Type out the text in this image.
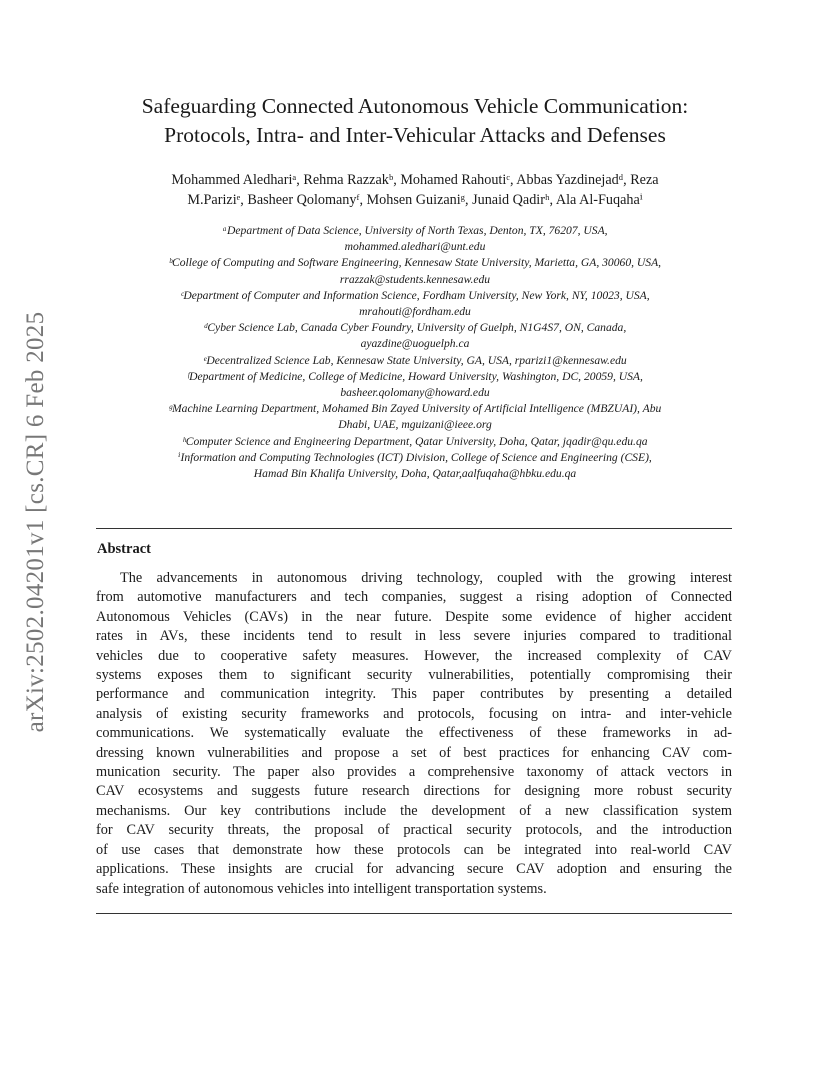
arXiv:2502.04201v1 [cs.CR] 6 Feb 2025
Safeguarding Connected Autonomous Vehicle Communication:
Protocols, Intra- and Inter-Vehicular Attacks and Defenses
Mohammed Aledhariᵃ, Rehma Razzakᵇ, Mohamed Rahoutiᶜ, Abbas Yazdinejadᵈ, Reza
M.Pariziᵉ, Basheer Qolomanyᶠ, Mohsen Guizaniᵍ, Junaid Qadirʰ, Ala Al-Fuqahaⁱ
ᵃDepartment of Data Science, University of North Texas, Denton, TX, 76207, USA,
mohammed.aledhari@unt.edu
ᵇCollege of Computing and Software Engineering, Kennesaw State University, Marietta, GA, 30060, USA,
rrazzak@students.kennesaw.edu
ᶜDepartment of Computer and Information Science, Fordham University, New York, NY, 10023, USA,
mrahouti@fordham.edu
ᵈCyber Science Lab, Canada Cyber Foundry, University of Guelph, N1G4S7, ON, Canada,
ayazdine@uoguelph.ca
ᵉDecentralized Science Lab, Kennesaw State University, GA, USA, rparizi1@kennesaw.edu
ᶠDepartment of Medicine, College of Medicine, Howard University, Washington, DC, 20059, USA,
basheer.qolomany@howard.edu
ᵍMachine Learning Department, Mohamed Bin Zayed University of Artificial Intelligence (MBZUAI), Abu
Dhabi, UAE, mguizani@ieee.org
ʰComputer Science and Engineering Department, Qatar University, Doha, Qatar, jqadir@qu.edu.qa
ⁱInformation and Computing Technologies (ICT) Division, College of Science and Engineering (CSE),
Hamad Bin Khalifa University, Doha, Qatar,aalfuqaha@hbku.edu.qa
Abstract
The advancements in autonomous driving technology, coupled with the growing interest
from automotive manufacturers and tech companies, suggest a rising adoption of Connected
Autonomous Vehicles (CAVs) in the near future. Despite some evidence of higher accident
rates in AVs, these incidents tend to result in less severe injuries compared to traditional
vehicles due to cooperative safety measures. However, the increased complexity of CAV
systems exposes them to significant security vulnerabilities, potentially compromising their
performance and communication integrity. This paper contributes by presenting a detailed
analysis of existing security frameworks and protocols, focusing on intra- and inter-vehicle
communications. We systematically evaluate the effectiveness of these frameworks in ad-
dressing known vulnerabilities and propose a set of best practices for enhancing CAV com-
munication security. The paper also provides a comprehensive taxonomy of attack vectors in
CAV ecosystems and suggests future research directions for designing more robust security
mechanisms. Our key contributions include the development of a new classification system
for CAV security threats, the proposal of practical security protocols, and the introduction
of use cases that demonstrate how these protocols can be integrated into real-world CAV
applications. These insights are crucial for advancing secure CAV adoption and ensuring the
safe integration of autonomous vehicles into intelligent transportation systems.
